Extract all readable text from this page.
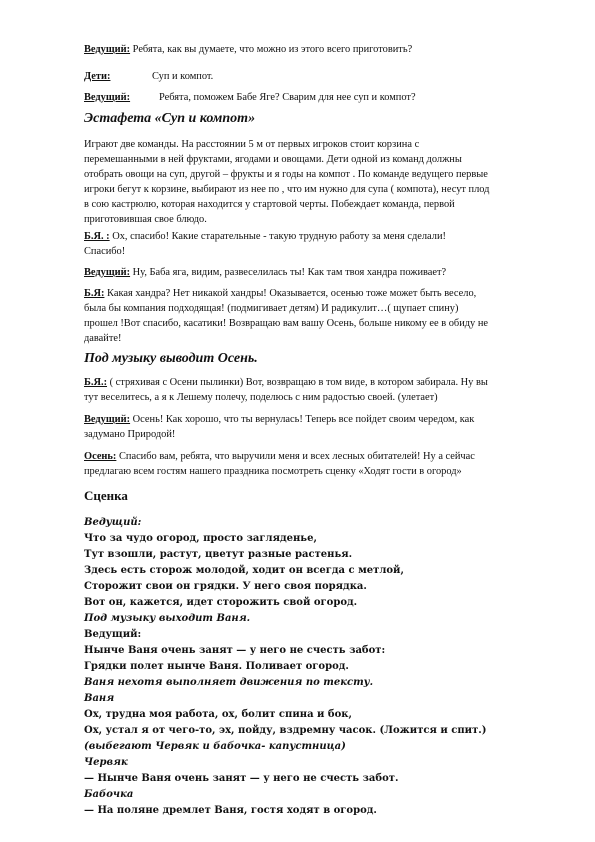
Ведущий: Ребята, как вы думаете, что можно из этого всего приготовить?
Дети:	Суп и компот.
Ведущий:	Ребята, поможем Бабе Яге? Сварим для нее суп и компот?
Эстафета «Суп и компот»
Играют две команды. На расстоянии 5 м от первых игроков стоит корзина с
перемешанными в ней фруктами, ягодами и овощами. Дети одной из команд должны
отобрать овощи на суп, другой – фрукты и я годы на компот . По команде ведущего первые
игроки бегут к корзине, выбирают из нее по , что им нужно для супа ( компота), несут плод
в сою кастрюлю, которая находится у стартовой черты. Побеждает команда, первой
приготовившая свое блюдо.
Б.Я. : Ох, спасибо! Какие старательные - такую трудную работу за меня сделали!
Спасибо!
Ведущий: Ну, Баба яга, видим, развеселилась ты! Как там твоя хандра поживает?
Б.Я: Какая хандра? Нет никакой хандры! Оказывается, осенью тоже может быть весело,
была бы компания подходящая! (подмигивает детям) И радикулит…( щупает спину)
прошел !Вот спасибо, касатики! Возвращаю вам вашу Осень, больше никому ее в обиду не
давайте!
Под музыку выводит Осень.
Б.Я.: ( стряхивая с Осени пылинки) Вот, возвращаю в том виде, в котором забирала. Ну вы
тут веселитесь, а я к Лешему полечу, поделюсь с ним радостью своей. (улетает)
Ведущий: Осень! Как хорошо, что ты вернулась! Теперь все пойдет своим чередом, как
задумано Природой!
Осень: Спасибо вам, ребята, что выручили меня и всех лесных обитателей! Ну а сейчас
предлагаю всем гостям нашего праздника посмотреть сценку «Ходят гости в огород»
Сценка
Ведущий:
Что за чудо огород, просто загляденье,
Тут взошли, растут, цветут разные растенья.
Здесь есть сторож молодой, ходит он всегда с метлой,
Сторожит свои он грядки. У него своя порядка.
Вот он, кажется, идет сторожить свой огород.
Под музыку выходит Ваня.
Ведущий:
Нынче Ваня очень занят — у него не счесть забот:
Грядки полет нынче Ваня. Поливает огород.
Ваня нехотя выполняет движения по тексту.
Ваня
Ох, трудна моя работа, ох, болит спина и бок,
Ох, устал я от чего-то, эх, пойду, вздремну часок. (Ложится и спит.)
(выбегают Червяк и бабочка- капустница)
Червяк
— Нынче Ваня очень занят — у него не счесть забот.
Бабочка
— На поляне дремлет Ваня, гостя ходят в огород.
